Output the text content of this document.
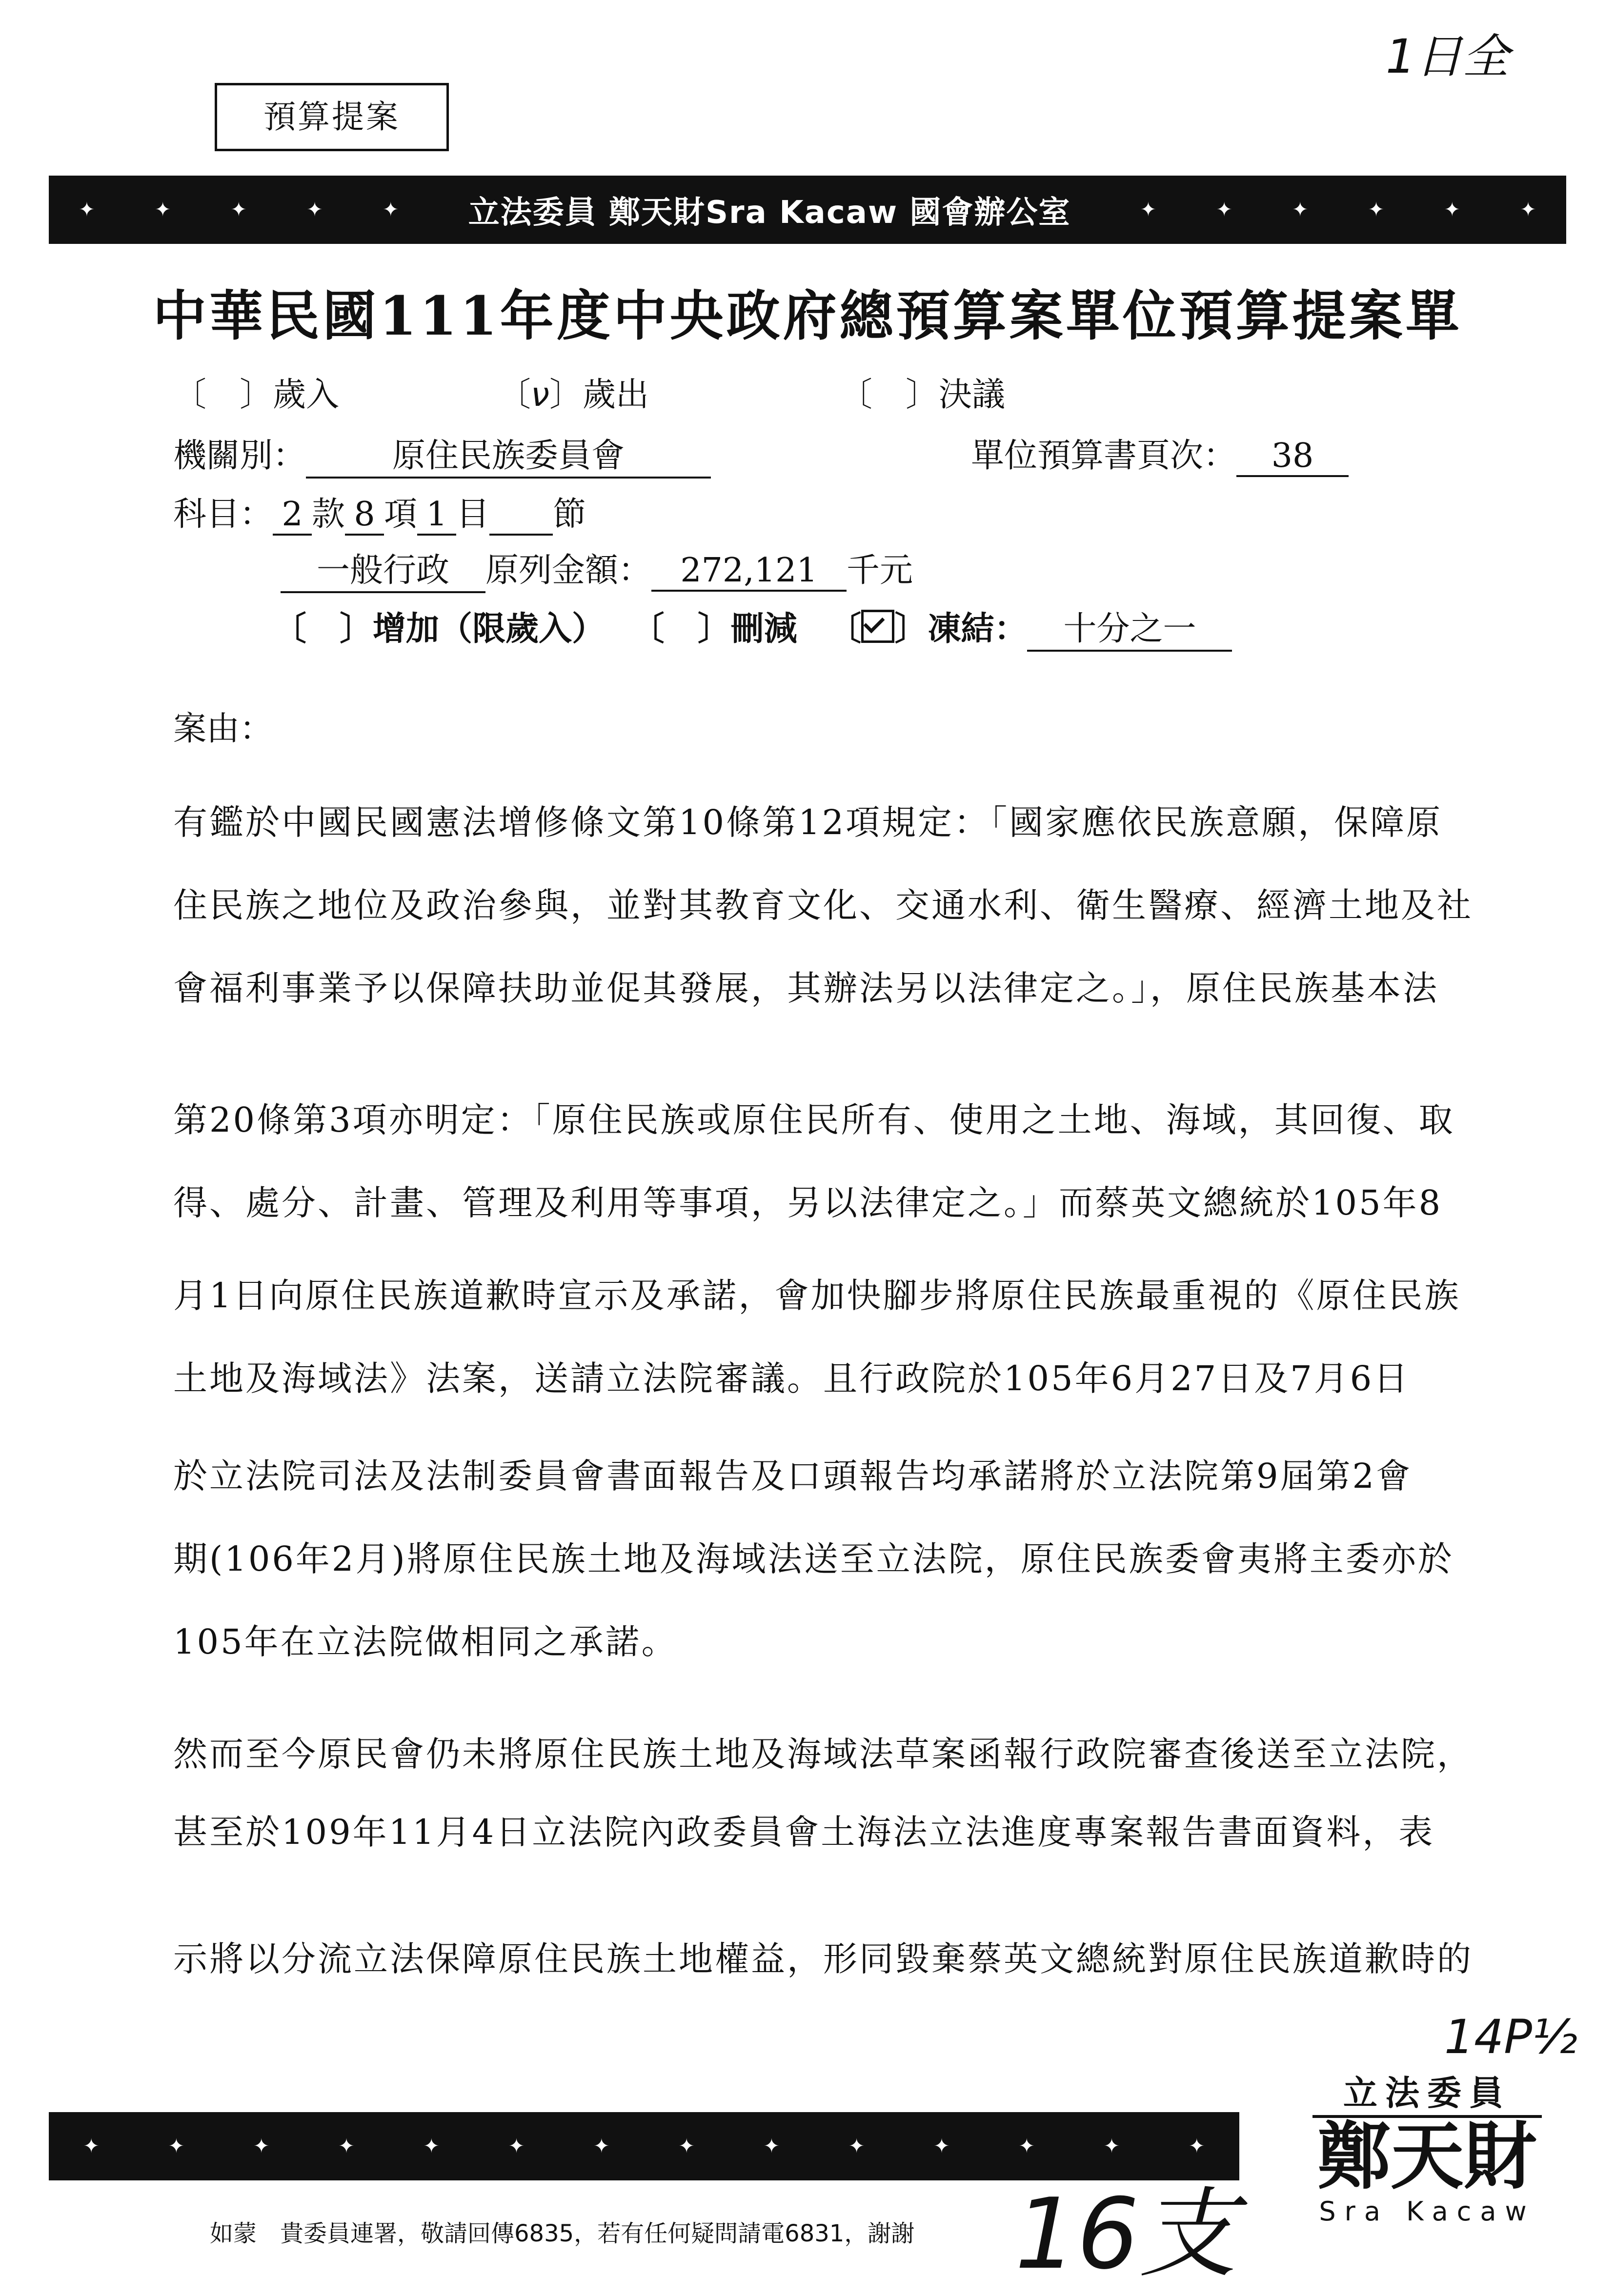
1日全
預算提案
✦	✦	✦	✦	✦	立法委員 鄭天財Sra Kacaw 國會辦公室	✦	✦	✦	✦	✦	✦
中華民國111年度中央政府總預算案單位預算提案單
〔　〕歲入	〔ν〕歲出	〔　〕決議
機關別：	原住民族委員會	單位預算書頁次： 38
科目： 2 款 8 項 1 目 節
一般行政 原列金額： 272,121 千元
〔　〕增加（限歲入） 〔　〕刪減 〔 〕凍結： 十分之一
案由：
有鑑於中國民國憲法增修條文第10條第12項規定：「國家應依民族意願，保障原
住民族之地位及政治參與，並對其教育文化、交通水利、衛生醫療、經濟土地及社
會福利事業予以保障扶助並促其發展，其辦法另以法律定之。」，原住民族基本法
第20條第3項亦明定：「原住民族或原住民所有、使用之土地、海域，其回復、取
得、處分、計畫、管理及利用等事項，另以法律定之。」而蔡英文總統於105年8
月1日向原住民族道歉時宣示及承諾，會加快腳步將原住民族最重視的《原住民族
土地及海域法》法案，送請立法院審議。且行政院於105年6月27日及7月6日
於立法院司法及法制委員會書面報告及口頭報告均承諾將於立法院第9屆第2會
期(106年2月)將原住民族土地及海域法送至立法院，原住民族委會夷將主委亦於
105年在立法院做相同之承諾。
然而至今原民會仍未將原住民族土地及海域法草案函報行政院審查後送至立法院，
甚至於109年11月4日立法院內政委員會土海法立法進度專案報告書面資料，表
示將以分流立法保障原住民族土地權益，形同毀棄蔡英文總統對原住民族道歉時的
14P½
✦	✦	✦	✦	✦	✦	✦	✦	✦	✦	✦	✦	✦	✦
立法委員
鄭天財
Sra Kacaw
如蒙　貴委員連署，敬請回傳6835，若有任何疑問請電6831，謝謝 16支
